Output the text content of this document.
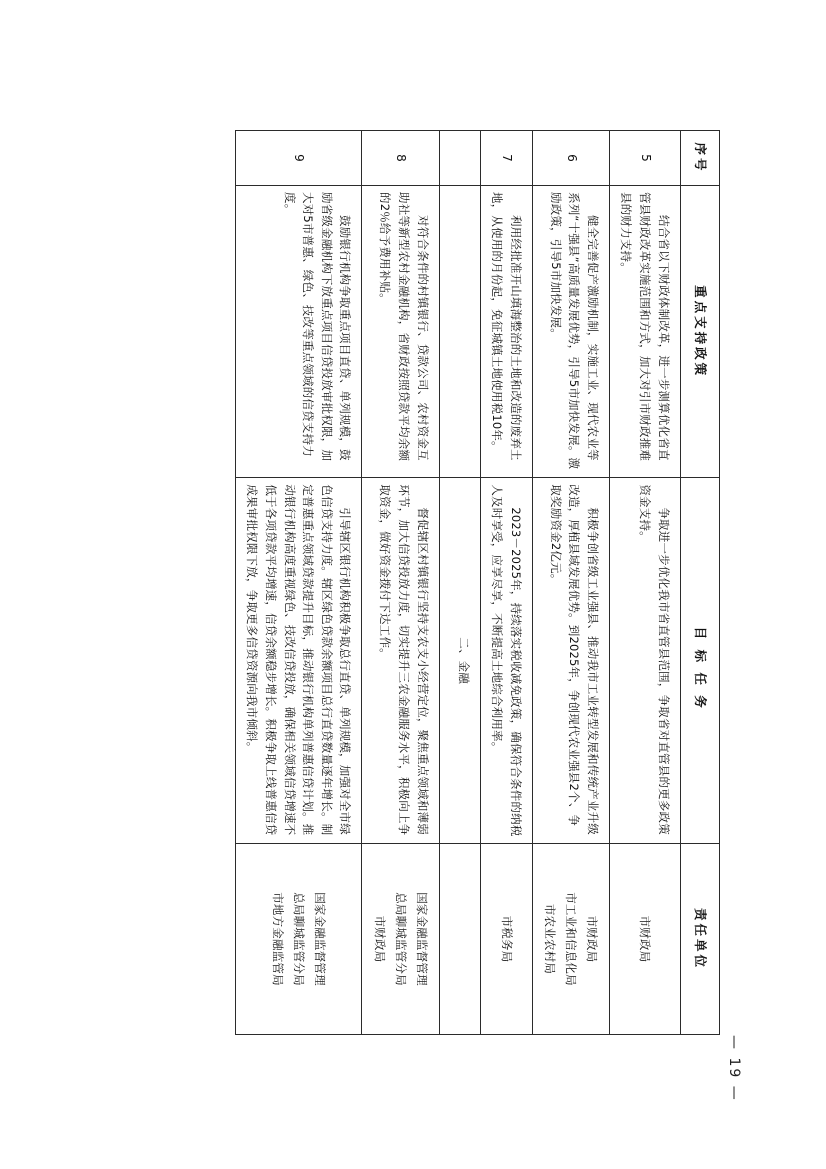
序号	重点支持政策	目 标 任 务	责任单位

5	结合省以下财政体制改革，进一步测算优化省直管县财政改革实施范围和方式，加大对引市财政推难县的财力支持。	争取进一步优化我市省直管县范围，争取省对直管县的更多政策资金支持。	市财政局

6	健全完善促产激励机制，实施工业、现代农业等系列“十强县”高质量发展优势，引导5市加快发展。激励政策，引导5市加快发展。	积极争创省级工业强县、推动我市工业转型发展和传统产业升级改造，厚植县域发展优势。到2025年，争创现代农业强县2个、争取奖励资金2亿元。	市财政局
市工业和信息化局
市农业农村局

7	利用经批准开山填海整治的土地和改造的废弃土地，从使用的月份起，免征城镇土地使用税10年。	2023－2025年，持续落实税收减免政策，确保符合条件的纳税人及时享受，应享尽享，不断提高土地综合利用率。	市税务局

		二、金融	

8	对符合条件的村镇银行、贷款公司、农村资金互助社等新型农村金融机构，省财政按照贷款平均余额的2％给予费用补贴。	督促辖区村镇银行坚持支农支小经营定位，聚焦重点领域和薄弱环节，加大信贷投放力度，切实提升三农金融服务水平，积极向上争取资金，做好资金拨付下达工作。	国家金融监督管理
总局聊城监管分局
市财政局

9	鼓励银行机构争取重点项目直贷、单列规模，鼓励省级金融机构下放重点项目信贷投放审批权限，加大对5市普惠、绿色、技改等重点领域的信贷支持力度。	引导辖区银行机构积极争取总行直贷、单列规模，加强对全市绿色信贷支持力度。辖区绿色贷款余额项目总行直贷数量逐年增长。制定普惠重点领域贷款提升目标，推动银行机构单列普惠信贷计划。推动银行机构高度重视绿色、技改信贷投放，确保相关领域信贷增速不低于各项贷款平均增速，信贷余额稳步增长。积极争取上线普惠信贷成果审批权限下放，争取更多信贷资源向我市倾斜。	国家金融监督管理
总局聊城监管分局
市地方金融监管局
— 19 —
